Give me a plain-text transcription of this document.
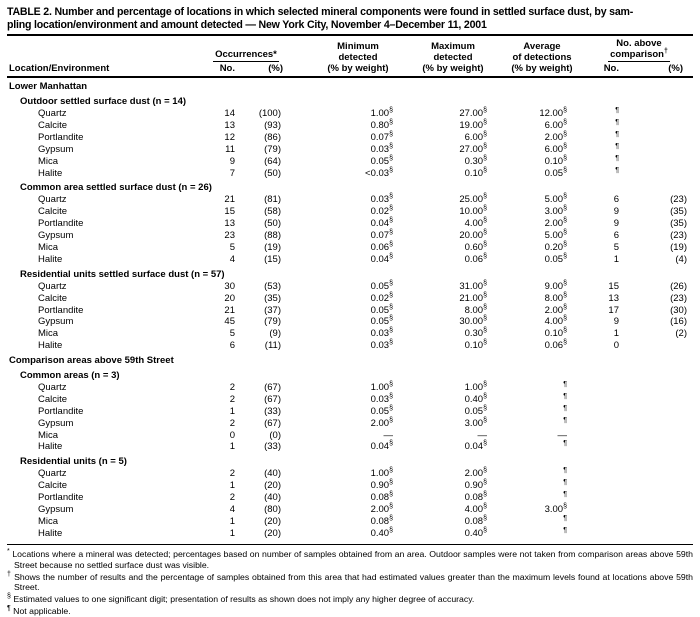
TABLE 2. Number and percentage of locations in which selected mineral components were found in settled surface dust, by sam-
pling location/environment and amount detected — New York City, November 4–December 11, 2001
Location/Environment	
Occurrences*
No.	(%)

Minimum
detected
(% by weight)

Maximum
detected
(% by weight)

Average
of detections
(% by weight)

No. above
comparison†
No.	(%)

Lower Manhattan							
Outdoor settled surface dust (n = 14)							
Quartz	14	(100)	1.00§	27.00§	12.00§	¶	
Calcite	13	(93)	0.80§	19.00§	6.00§	¶	
Portlandite	12	(86)	0.07§	6.00§	2.00§	¶	
Gypsum	11	(79)	0.03§	27.00§	6.00§	¶	
Mica	9	(64)	0.05§	0.30§	0.10§	¶	
Halite	7	(50)	<0.03§	0.10§	0.05§	¶	
Common area settled surface dust (n = 26)							
Quartz	21	(81)	0.03§	25.00§	5.00§	6	(23)
Calcite	15	(58)	0.02§	10.00§	3.00§	9	(35)
Portlandite	13	(50)	0.04§	4.00§	2.00§	9	(35)
Gypsum	23	(88)	0.07§	20.00§	5.00§	6	(23)
Mica	5	(19)	0.06§	0.60§	0.20§	5	(19)
Halite	4	(15)	0.04§	0.06§	0.05§	1	(4)
Residential units settled surface dust (n = 57)							
Quartz	30	(53)	0.05§	31.00§	9.00§	15	(26)
Calcite	20	(35)	0.02§	21.00§	8.00§	13	(23)
Portlandite	21	(37)	0.05§	8.00§	2.00§	17	(30)
Gypsum	45	(79)	0.05§	30.00§	4.00§	9	(16)
Mica	5	(9)	0.03§	0.30§	0.10§	1	(2)
Halite	6	(11)	0.03§	0.10§	0.06§	0	
Comparison areas above 59th Street							
Common areas (n = 3)							
Quartz	2	(67)	1.00§	1.00§	¶		
Calcite	2	(67)	0.03§	0.40§	¶		
Portlandite	1	(33)	0.05§	0.05§	¶		
Gypsum	2	(67)	2.00§	3.00§	¶		
Mica	0	(0)	—	—	—		
Halite	1	(33)	0.04§	0.04§	¶		
Residential units (n = 5)							
Quartz	2	(40)	1.00§	2.00§	¶		
Calcite	1	(20)	0.90§	0.90§	¶		
Portlandite	2	(40)	0.08§	0.08§	¶		
Gypsum	4	(80)	2.00§	4.00§	3.00§		
Mica	1	(20)	0.08§	0.08§	¶		
Halite	1	(20)	0.40§	0.40§	¶		
* Locations where a mineral was detected; percentages based on number of samples obtained from an area. Outdoor samples were not taken from comparison areas above 59th Street because no settled surface dust was visible.
† Shows the number of results and the percentage of samples obtained from this area that had estimated values greater than the maximum levels found at locations above 59th Street.
§ Estimated values to one significant digit; presentation of results as shown does not imply any higher degree of accuracy.
¶ Not applicable.
